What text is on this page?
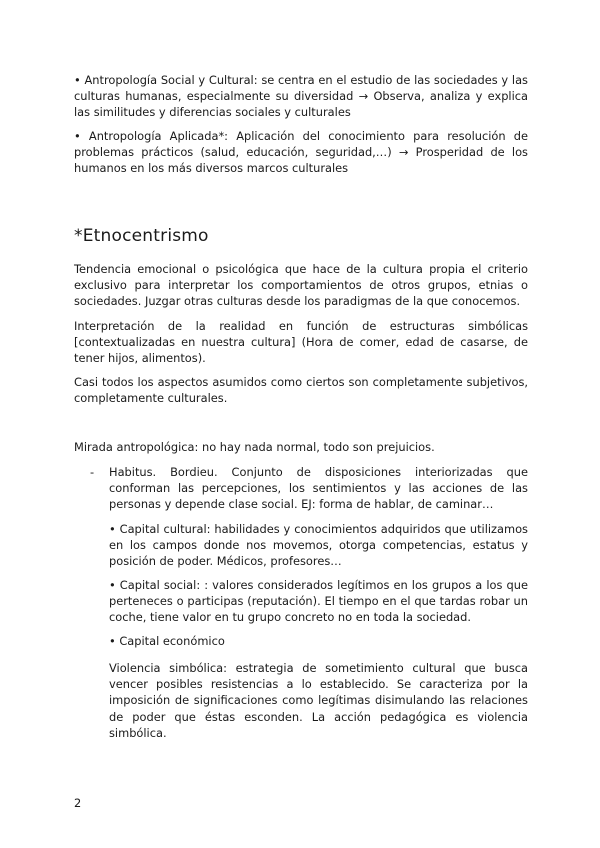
• Antropología Social y Cultural: se centra en el estudio de las sociedades y las culturas humanas, especialmente su diversidad → Observa, analiza y explica las similitudes y diferencias sociales y culturales

• Antropología Aplicada*: Aplicación del conocimiento para resolución de problemas prácticos (salud, educación, seguridad,…) → Prosperidad de los humanos en los más diversos marcos culturales

*Etnocentrismo

Tendencia emocional o psicológica que hace de la cultura propia el criterio exclusivo para interpretar los comportamientos de otros grupos, etnias o sociedades. Juzgar otras culturas desde los paradigmas de la que conocemos.

Interpretación de la realidad en función de estructuras simbólicas [contextualizadas en nuestra cultura] (Hora de comer, edad de casarse, de tener hijos, alimentos).

Casi todos los aspectos asumidos como ciertos son completamente subjetivos, completamente culturales.

Mirada antropológica: no hay nada normal, todo son prejuicios.

- Habitus. Bordieu. Conjunto de disposiciones interiorizadas que conforman las percepciones, los sentimientos y las acciones de las personas y depende clase social. EJ: forma de hablar, de caminar…

• Capital cultural: habilidades y conocimientos adquiridos que utilizamos en los campos donde nos movemos, otorga competencias, estatus y posición de poder. Médicos, profesores…

• Capital social: : valores considerados legítimos en los grupos a los que perteneces o participas (reputación). El tiempo en el que tardas robar un coche, tiene valor en tu grupo concreto no en toda la sociedad.

• Capital económico

Violencia simbólica: estrategia de sometimiento cultural que busca vencer posibles resistencias a lo establecido. Se caracteriza por la imposición de significaciones como legítimas disimulando las relaciones de poder que éstas esconden. La acción pedagógica es violencia simbólica.

2
